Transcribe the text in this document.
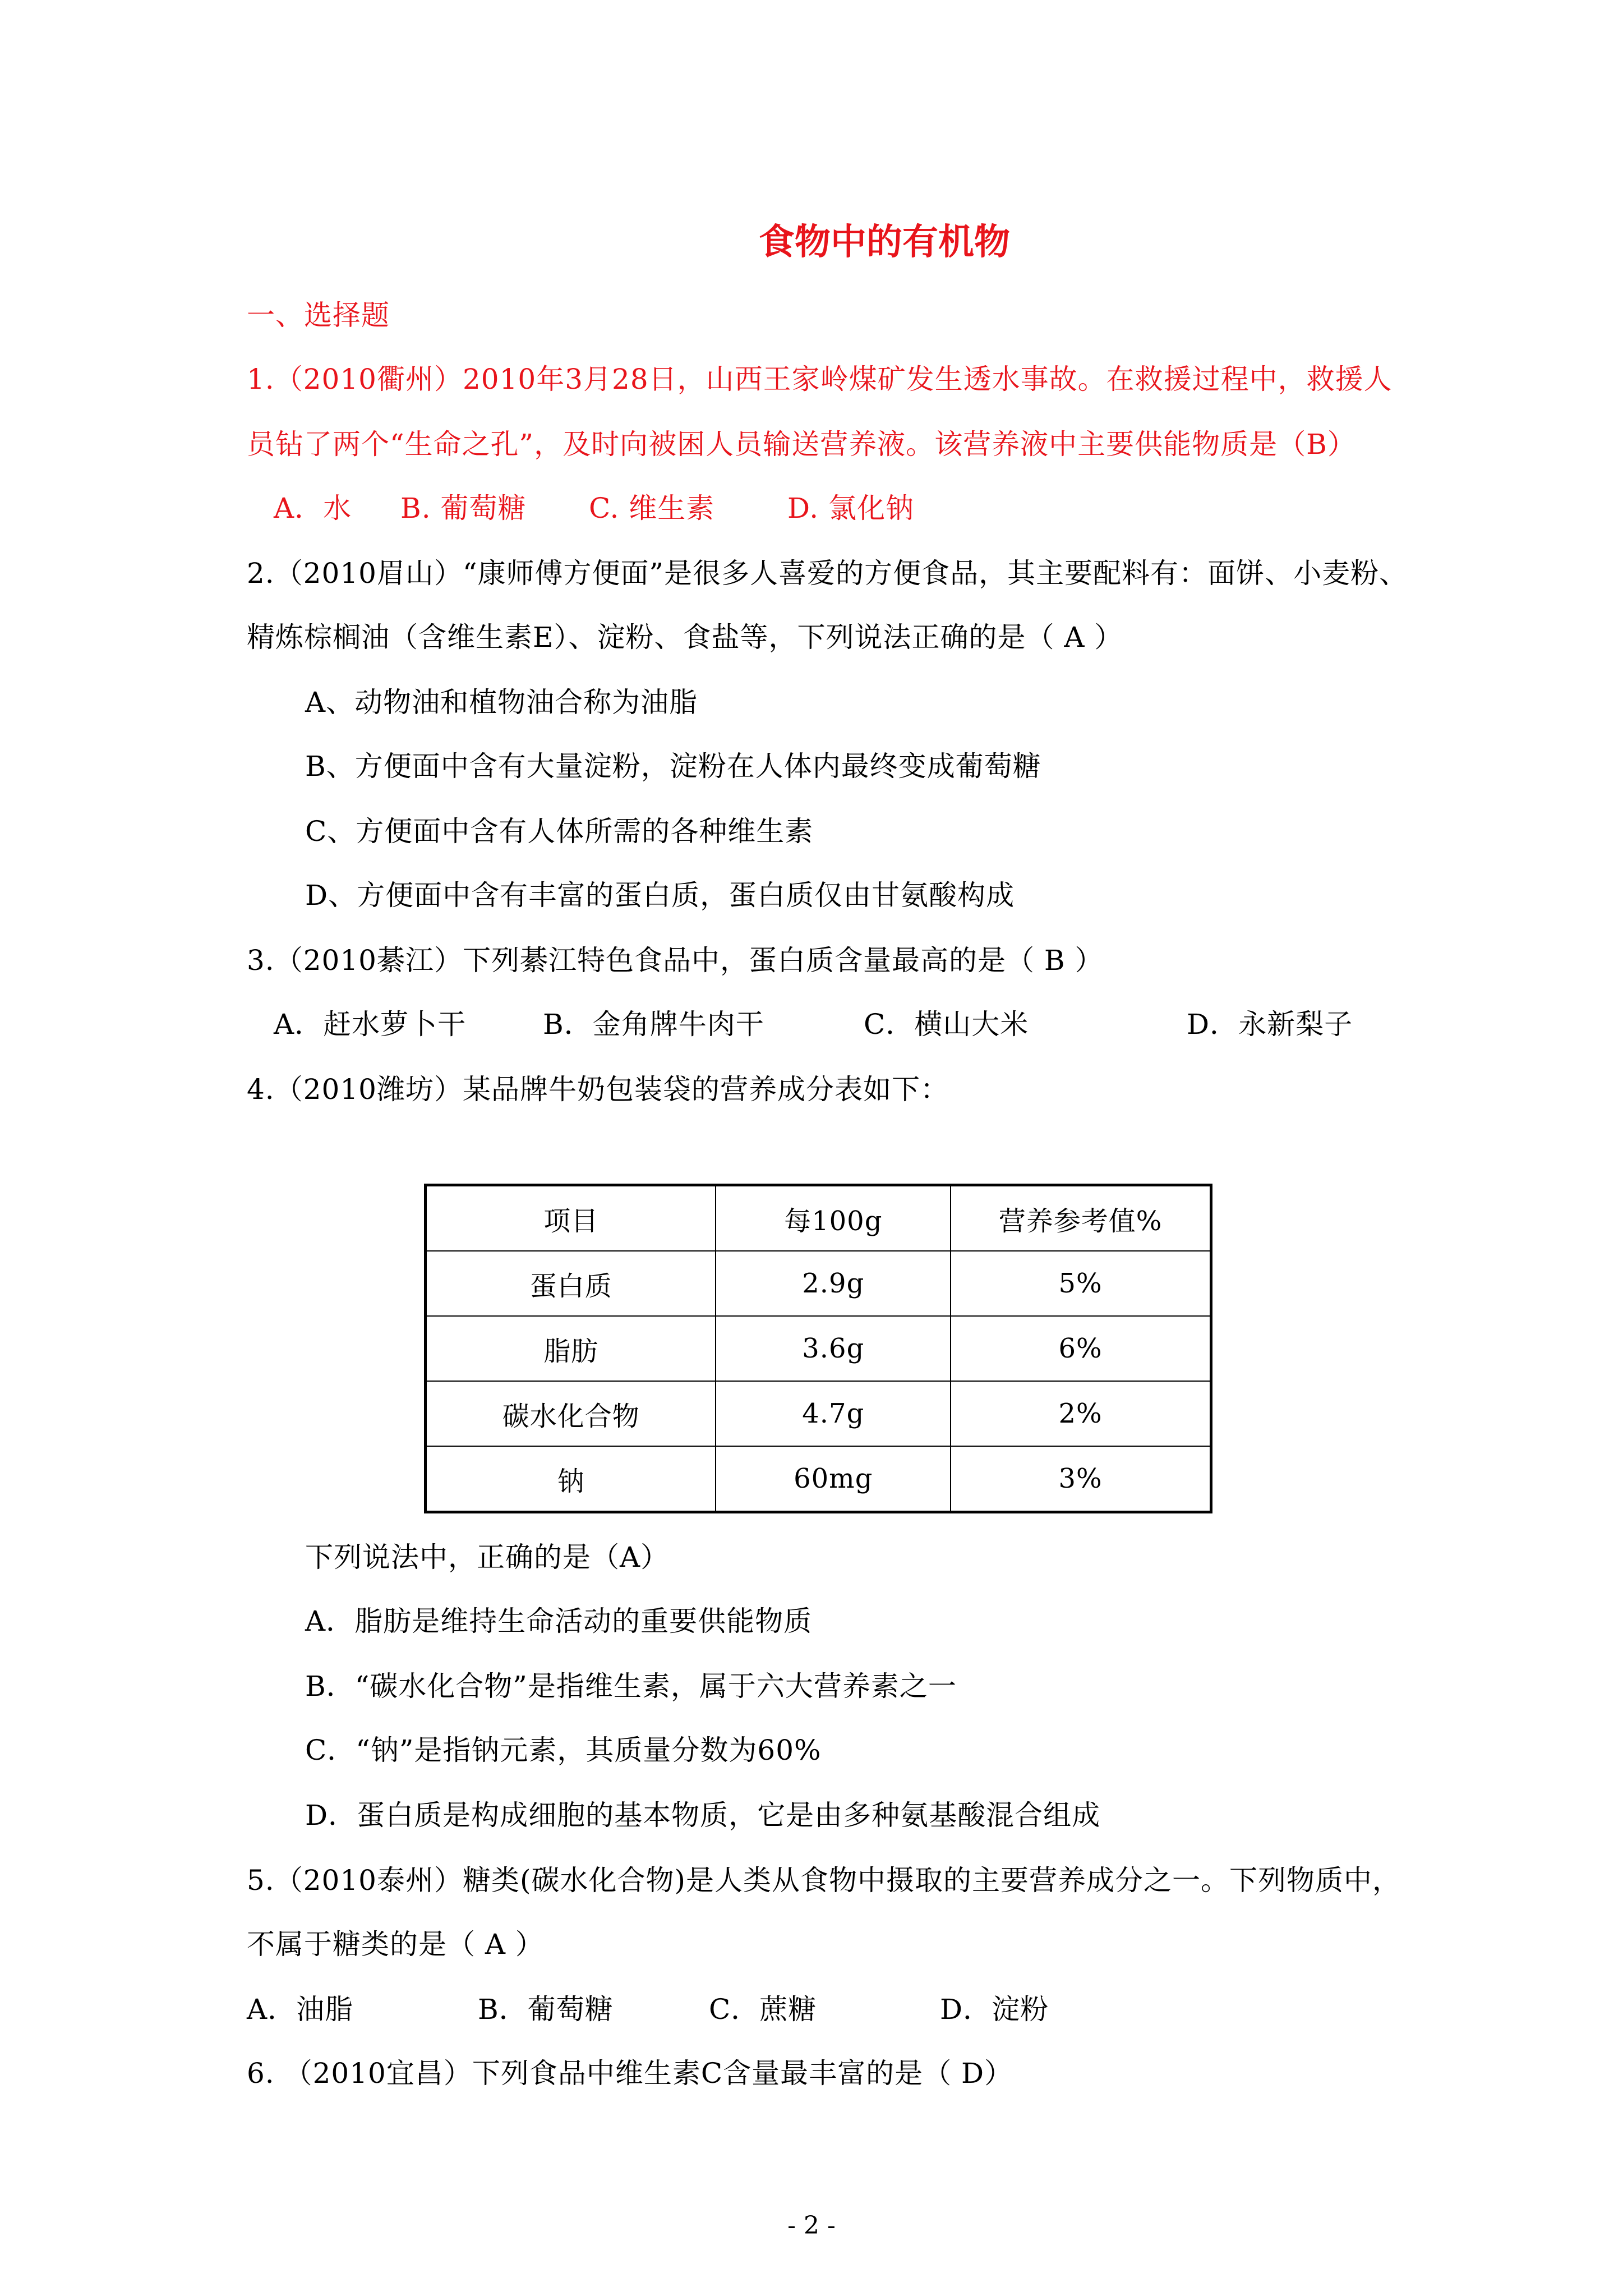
食物中的有机物
一、选择题
1.（2010衢州）2010年3月28日，山西王家岭煤矿发生透水事故。在救援过程中，救援人
员钻了两个“生命之孔”，及时向被困人员输送营养液。该营养液中主要供能物质是（B）
A．水 B. 葡萄糖 C. 维生素	D. 氯化钠
2.（2010眉山）“康师傅方便面”是很多人喜爱的方便食品，其主要配料有：面饼、小麦粉、
精炼棕榈油（含维生素E）、淀粉、食盐等，下列说法正确的是（ A ）
A、动物油和植物油合称为油脂
B、方便面中含有大量淀粉，淀粉在人体内最终变成葡萄糖
C、方便面中含有人体所需的各种维生素
D、方便面中含有丰富的蛋白质，蛋白质仅由甘氨酸构成
3.（2010綦江）下列綦江特色食品中，蛋白质含量最高的是（ B ）
A．赶水萝卜干	B．金角牌牛肉干	C．横山大米	D．永新梨子
4.（2010潍坊）某品牌牛奶包装袋的营养成分表如下：
项目	每100g	营养参考值%
蛋白质	2.9g	5%
脂肪	3.6g	6%
碳水化合物	4.7g	2%
钠	60mg	3%
下列说法中，正确的是（A）
A．脂肪是维持生命活动的重要供能物质
B．“碳水化合物”是指维生素，属于六大营养素之一
C．“钠”是指钠元素，其质量分数为60%
D．蛋白质是构成细胞的基本物质，它是由多种氨基酸混合组成
5.（2010泰州）糖类(碳水化合物)是人类从食物中摄取的主要营养成分之一。下列物质中，
不属于糖类的是（ A ）
A．油脂	B．葡萄糖	C．蔗糖	D．淀粉
6. （2010宜昌）下列食品中维生素C含量最丰富的是（ D）
- 2 -
